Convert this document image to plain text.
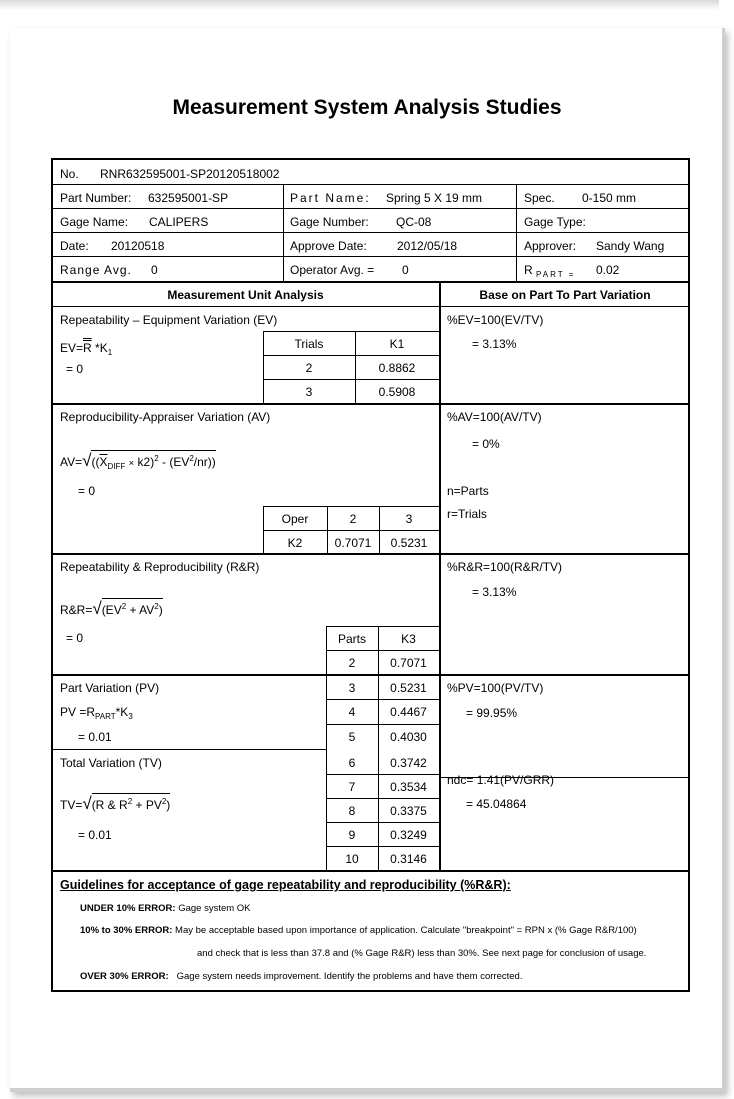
Measurement System Analysis Studies
No. RNR632595001-SP20120518002
Part Number: 632595001-SP	Part Name: Spring 5 X 19 mm	Spec. 0-150 mm
Gage Name: CALIPERS	Gage Number: QC-08	Gage Type:
Date: 20120518	Approve Date:	2012/05/18	Approver: Sandy Wang
Range Avg. 0	Operator Avg. = 0	R $_{PART =}$ 0.02
Measurement Unit Analysis	Base on Part To Part Variation
Repeatability – Equipment Variation (EV)
EV=R $*K_1$
= 0
Trials	K1
2	0.8862
3	0.5908
%EV=100(EV/TV)
= 3.13%
Reproducibility-Appraiser Variation (AV)
$AV=√((\overline{X}_{DIFF} \times k2)^2 - (EV^2/nr))$
= 0
Oper	2	3
K2	0.7071	0.5231
%AV=100(AV/TV)
= 0%
n=Parts
r=Trials
Repeatability & Reproducibility (R&R)
$R\&R=√(EV^2 + AV^2)$
= 0
%R&R=100(R&R/TV)
= 3.13%
Parts	K3
2	0.7071
3	0.5231
4	0.4467
5	0.4030
6	0.3742
7	0.3534
8	0.3375
9	0.3249
10	0.3146
Part Variation (PV)
PV $=R_{PART}*K_3$
= 0.01
%PV=100(PV/TV)
= 99.95%
Total Variation (TV)
TV=√(R & $R^2 + PV^2$)
= 0.01
ndc= 1.41(PV/GRR)
= 45.04864
Guidelines for acceptance of gage repeatability and reproducibility (%R&R):
UNDER 10% ERROR: Gage system OK
10% to 30% ERROR: May be acceptable based upon importance of application. Calculate "breakpoint" = RPN x (% Gage R&R/100)
and check that is less than 37.8 and (% Gage R&R) less than 30%. See next page for conclusion of usage.
OVER 30% ERROR: Gage system needs improvement. Identify the problems and have them corrected.
